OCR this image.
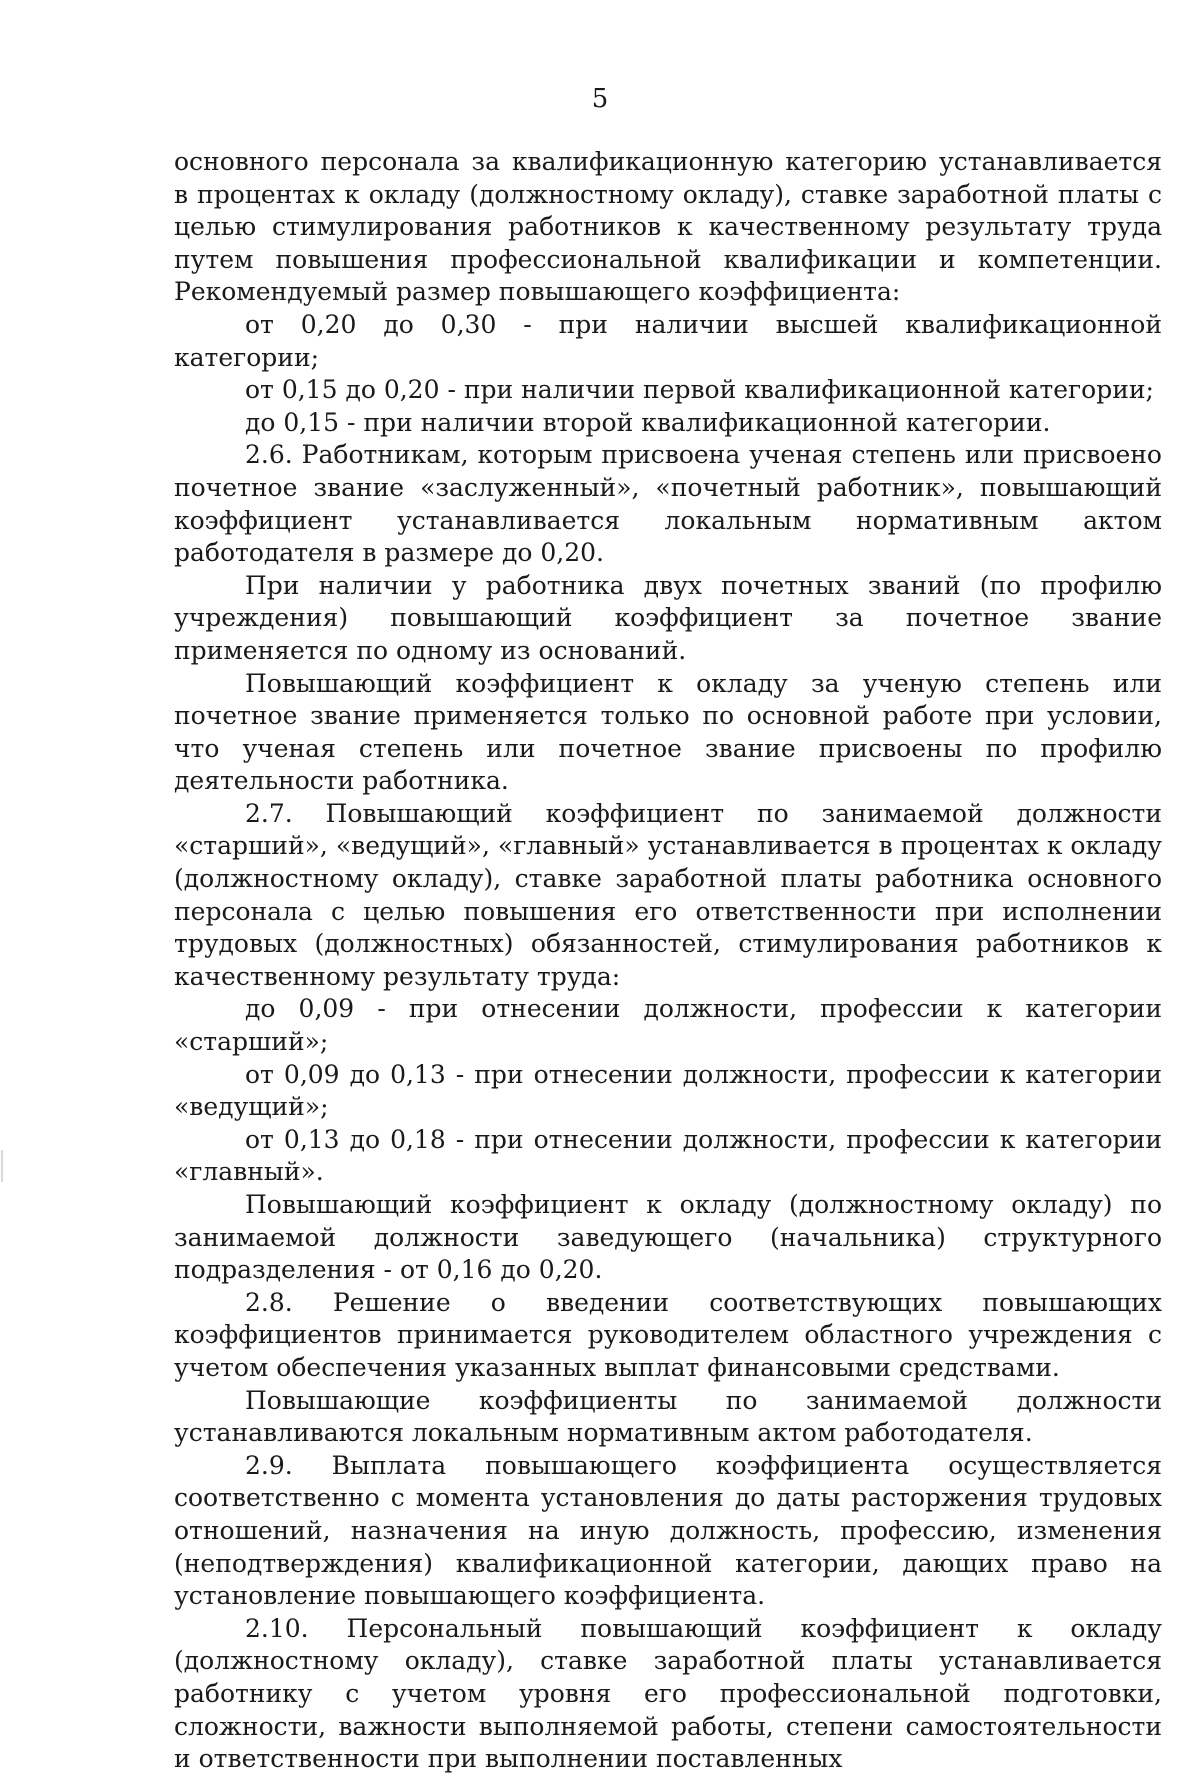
5

основного персонала за квалификационную категорию устанавливается в процентах к окладу (должностному окладу), ставке заработной платы с целью стимулирования работников к качественному результату труда путем повышения профессиональной квалификации и компетенции. Рекомендуемый размер повышающего коэффициента:

от 0,20 до 0,30 - при наличии высшей квалификационной категории;

от 0,15 до 0,20 - при наличии первой квалификационной категории;

до 0,15 - при наличии второй квалификационной категории.

2.6. Работникам, которым присвоена ученая степень или присвоено почетное звание «заслуженный», «почетный работник», повышающий коэффициент устанавливается локальным нормативным актом работодателя в размере до 0,20.

При наличии у работника двух почетных званий (по профилю учреждения) повышающий коэффициент за почетное звание применяется по одному из оснований.

Повышающий коэффициент к окладу за ученую степень или почетное звание применяется только по основной работе при условии, что ученая степень или почетное звание присвоены по профилю деятельности работника.

2.7. Повышающий коэффициент по занимаемой должности «старший», «ведущий», «главный» устанавливается в процентах к окладу (должностному окладу), ставке заработной платы работника основного персонала с целью повышения его ответственности при исполнении трудовых (должностных) обязанностей, стимулирования работников к качественному результату труда:

до 0,09 - при отнесении должности, профессии к категории «старший»;

от 0,09 до 0,13 - при отнесении должности, профессии к категории «ведущий»;

от 0,13 до 0,18 - при отнесении должности, профессии к категории «главный».

Повышающий коэффициент к окладу (должностному окладу) по занимаемой должности заведующего (начальника) структурного подразделения - от 0,16 до 0,20.

2.8. Решение о введении соответствующих повышающих коэффициентов принимается руководителем областного учреждения с учетом обеспечения указанных выплат финансовыми средствами.

Повышающие коэффициенты по занимаемой должности устанавливаются локальным нормативным актом работодателя.

2.9. Выплата повышающего коэффициента осуществляется соответственно с момента установления до даты расторжения трудовых отношений, назначения на иную должность, профессию, изменения (неподтверждения) квалификационной категории, дающих право на установление повышающего коэффициента.

2.10. Персональный повышающий коэффициент к окладу (должностному окладу), ставке заработной платы устанавливается работнику с учетом уровня его профессиональной подготовки, сложности, важности выполняемой работы, степени самостоятельности и ответственности при выполнении поставленных
